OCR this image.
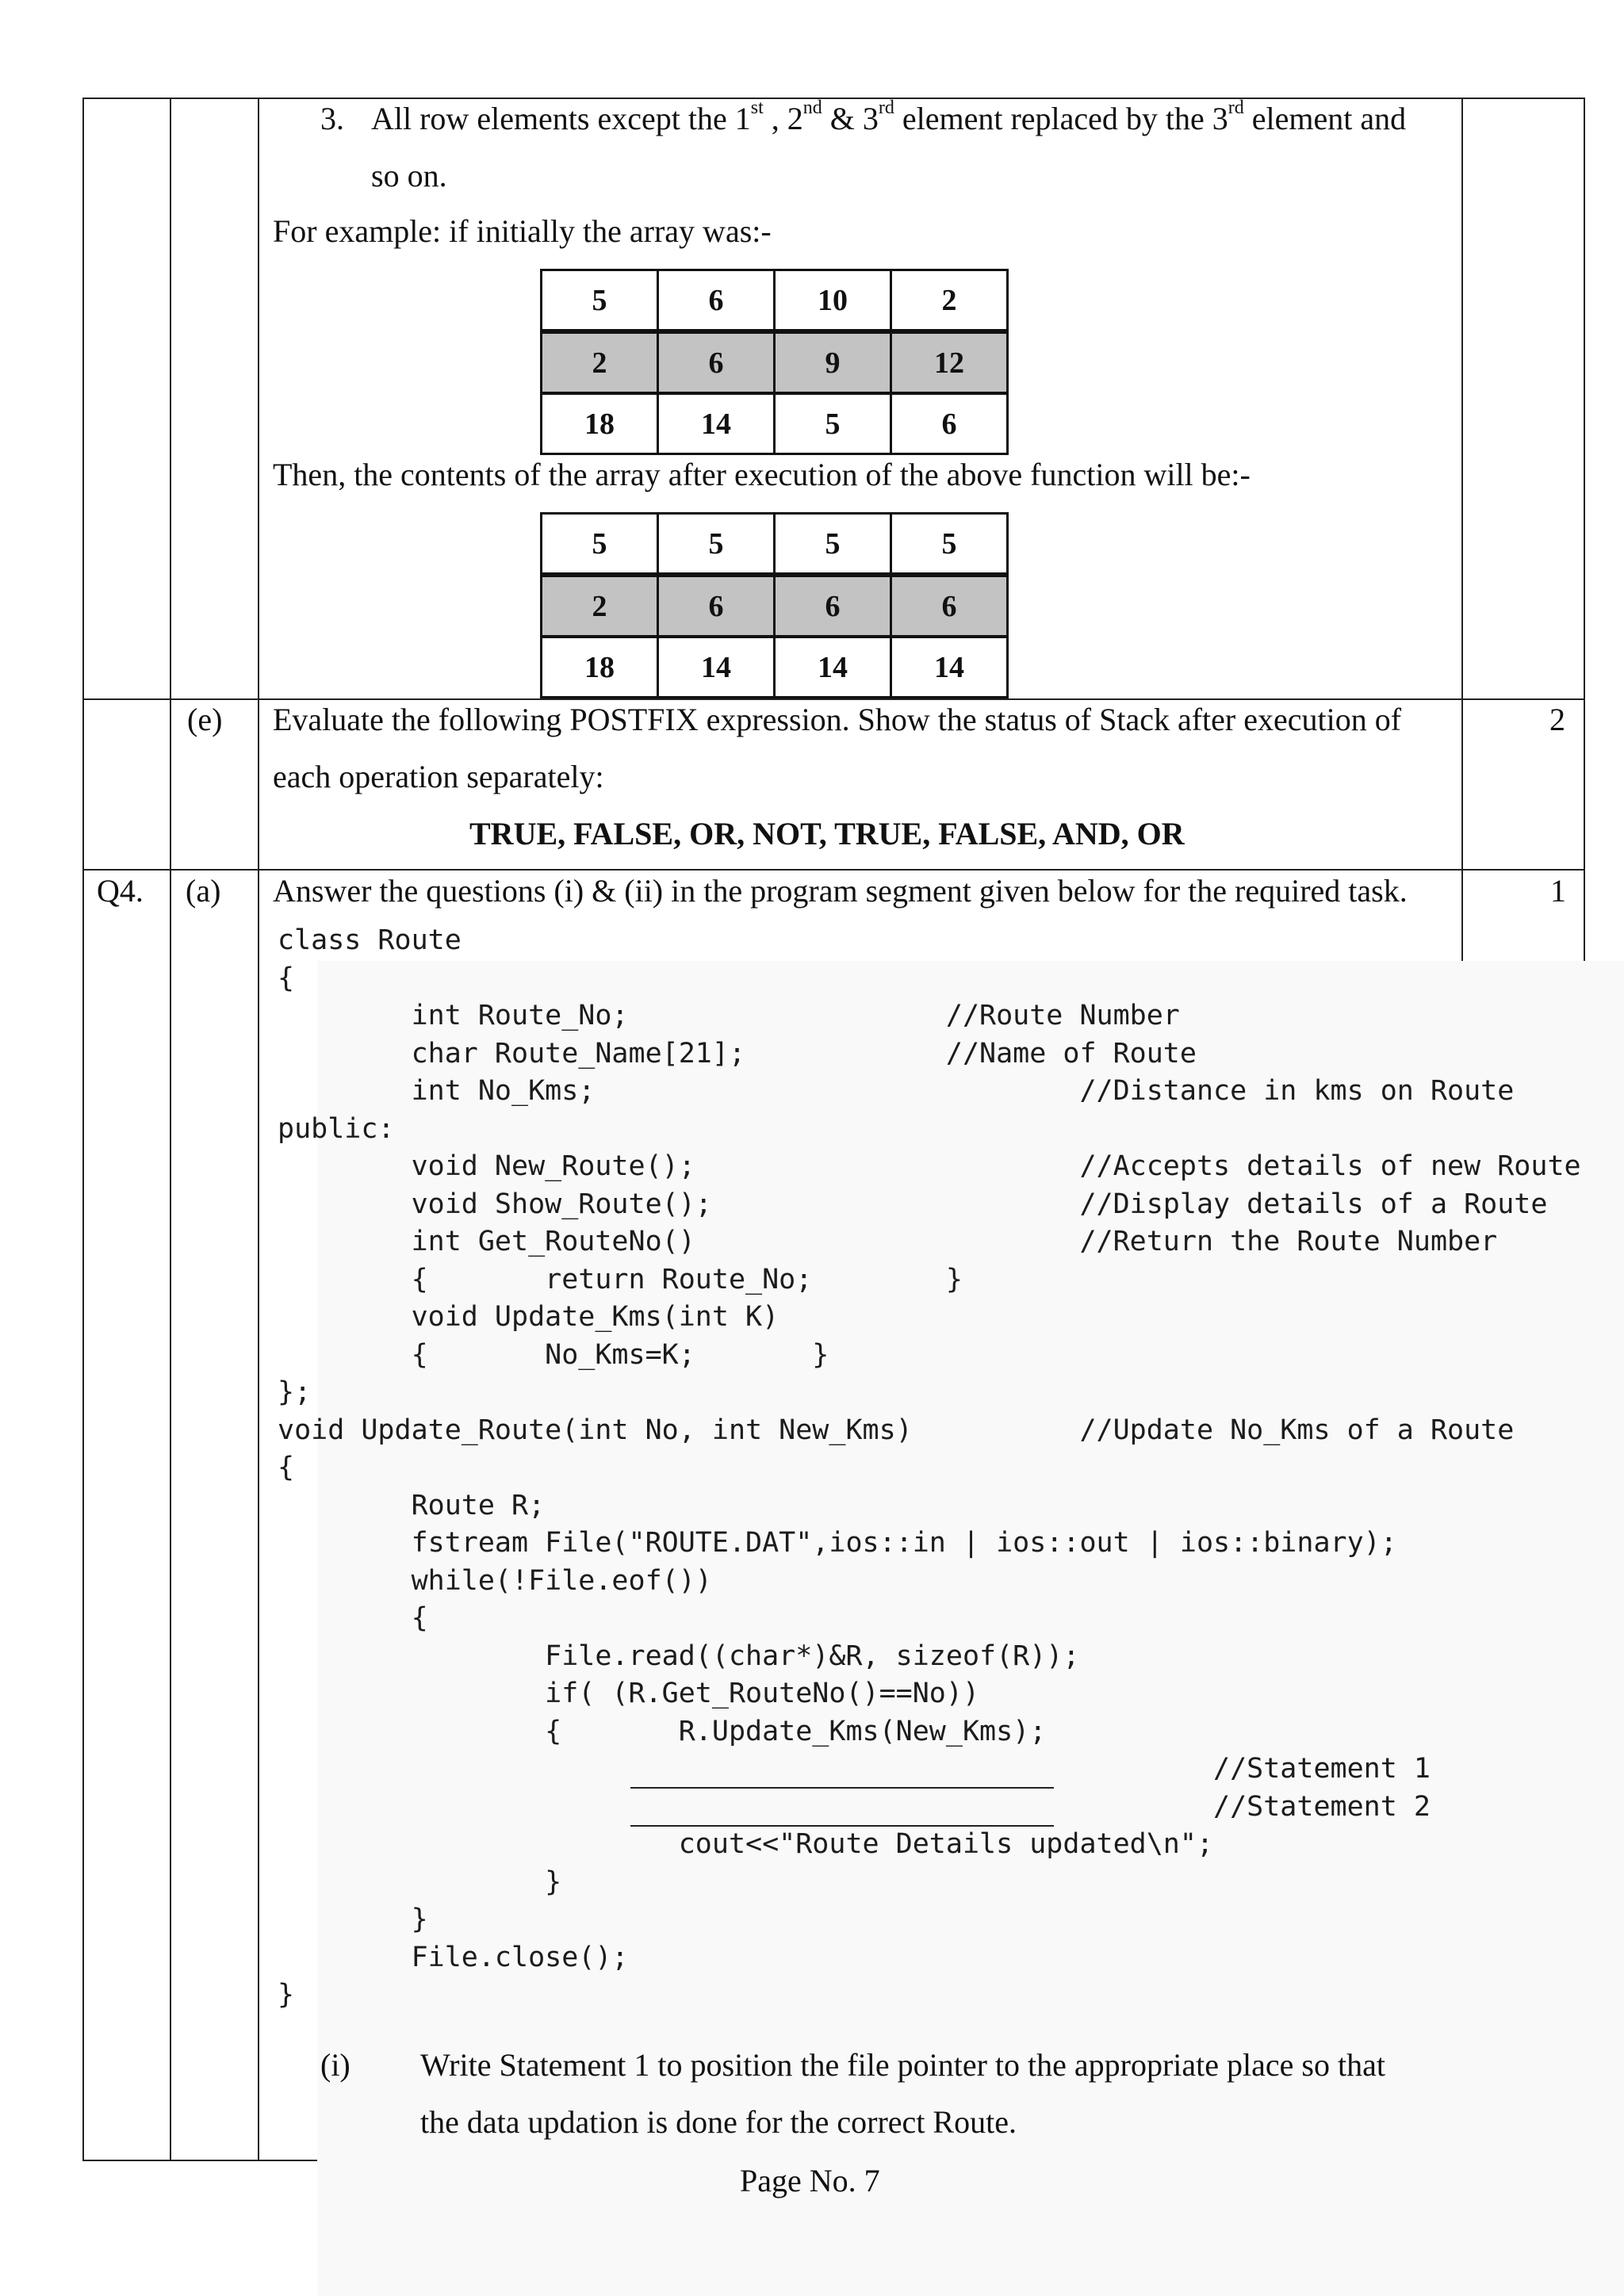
3. All row elements except the 1st , 2nd & 3rd element replaced by the 3rd element and
so on.
For example: if initially the array was:-
5	6	10	2
2	6	9	12
18	14	5	6
Then, the contents of the array after execution of the above function will be:-
5	5	5	5
2	6	6	6
18	14	14	14
(e) Evaluate the following POSTFIX expression. Show the status of Stack after execution of
each operation separately:
TRUE, FALSE, OR, NOT, TRUE, FALSE, AND, OR
2
Q4. (a) Answer the questions (i) & (ii) in the program segment given below for the required task.	1
class Route
{
int Route_No;                   //Route Number
char Route_Name[21];            //Name of Route
int No_Kms;                             //Distance in kms on Route
public:
void New_Route();                       //Accepts details of new Route
void Show_Route();                      //Display details of a Route
int Get_RouteNo()                       //Return the Route Number
{       return Route_No;        }
void Update_Kms(int K)
{       No_Kms=K;       }
};
void Update_Route(int No, int New_Kms)          //Update No_Kms of a Route
{
Route R;
fstream File("ROUTE.DAT",ios::in | ios::out | ios::binary);
while(!File.eof())
{
File.read((char*)&R, sizeof(R));
if( (R.Get_RouteNo()==No))
{       R.Update_Kms(New_Kms);
//Statement 1
//Statement 2
cout<<"Route Details updated\n";
}
}
File.close();
}
(i) Write Statement 1 to position the file pointer to the appropriate place so that
the data updation is done for the correct Route.
Page No. 7
